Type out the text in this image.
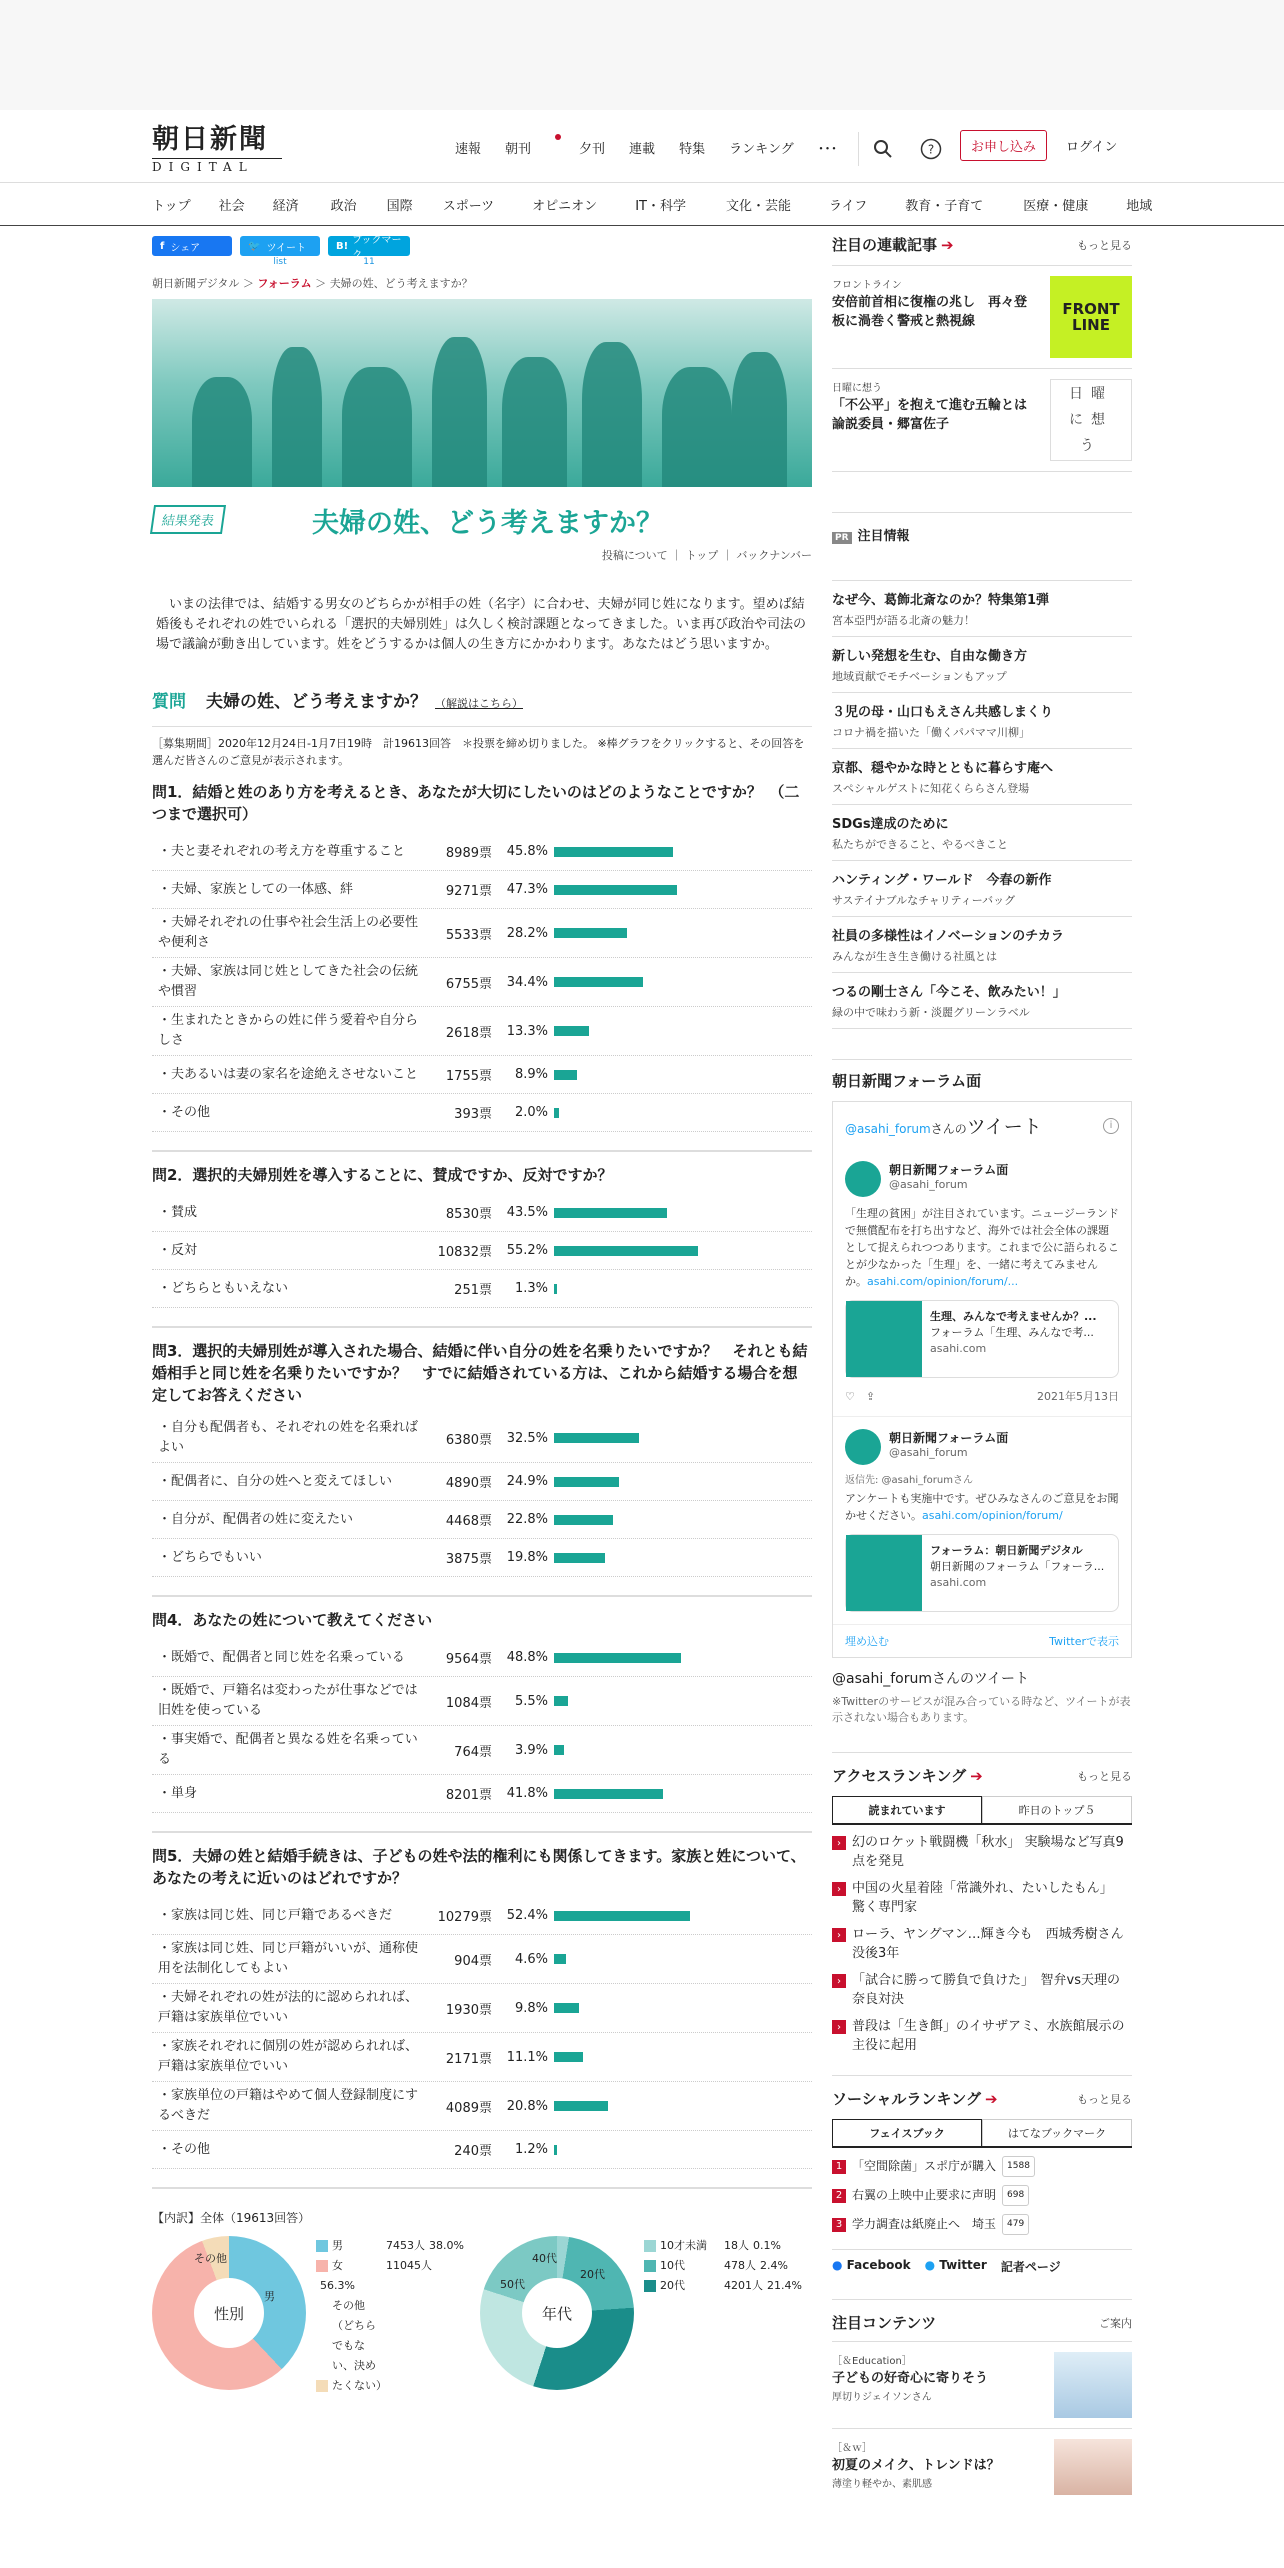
朝日新聞
DIGITAL
速報 朝刊	夕刊 連載 特集 ランキング ･･･	?	お申し込み	ログイン
トップ 社会 経済 政治 国際 スポーツ	オピニオン	IT・科学	文化・芸能	ライフ	教育・子育て	医療・健康	地域
f シェア	🐦 ツイート
list
B! ブックマーク
11
朝日新聞デジタル ＞ フォーラム ＞ 夫婦の姓、どう考えますか？
結果発表	夫婦の姓、どう考えますか？
投稿について ｜ トップ ｜ バックナンバー

　いまの法律では、結婚する男女のどちらかが相手の姓（名字）に合わせ、夫婦が同じ姓になります。望めば結婚後もそれぞれの姓でいられる「選択的夫婦別姓」は久しく検討課題となってきました。いま再び政治や司法の場で議論が動き出しています。姓をどうするかは個人の生き方にかかわります。あなたはどう思いますか。

質問 夫婦の姓、どう考えますか？ （解説はこちら）
［募集期間］2020年12月24日-1月7日19時　計19613回答　＊投票を締め切りました。 ※棒グラフをクリックすると、その回答を選んだ皆さんのご意見が表示されます。
問1．結婚と姓のあり方を考えるとき、あなたが大切にしたいのはどのようなことですか？　（二つまで選択可）
・夫と妻それぞれの考え方を尊重すること	8989票	45.8%
・夫婦、家族としての一体感、絆	9271票	47.3%
・夫婦それぞれの仕事や社会生活上の必要性や便利さ	5533票	28.2%
・夫婦、家族は同じ姓としてきた社会の伝統や慣習	6755票	34.4%
・生まれたときからの姓に伴う愛着や自分らしさ	2618票	13.3%
・夫あるいは妻の家名を途絶えさせないこと	1755票	8.9%
・その他	393票	2.0%
問2．選択的夫婦別姓を導入することに、賛成ですか、反対ですか？
・賛成	8530票	43.5%
・反対	10832票	55.2%
・どちらともいえない	251票	1.3%
問3．選択的夫婦別姓が導入された場合、結婚に伴い自分の姓を名乗りたいですか？　それとも結婚相手と同じ姓を名乗りたいですか？　すでに結婚されている方は、これから結婚する場合を想定してお答えください
・自分も配偶者も、それぞれの姓を名乗ればよい	6380票	32.5%
・配偶者に、自分の姓へと変えてほしい	4890票	24.9%
・自分が、配偶者の姓に変えたい	4468票	22.8%
・どちらでもいい	3875票	19.8%
問4．あなたの姓について教えてください
・既婚で、配偶者と同じ姓を名乗っている	9564票	48.8%
・既婚で、戸籍名は変わったが仕事などでは旧姓を使っている	1084票	5.5%
・事実婚で、配偶者と異なる姓を名乗っている	764票	3.9%
・単身	8201票	41.8%
問5．夫婦の姓と結婚手続きは、子どもの姓や法的権利にも関係してきます。家族と姓について、あなたの考えに近いのはどれですか？
・家族は同じ姓、同じ戸籍であるべきだ	10279票	52.4%
・家族は同じ姓、同じ戸籍がいいが、通称使用を法制化してもよい	904票	4.6%
・夫婦それぞれの姓が法的に認められれば、戸籍は家族単位でいい	1930票	9.8%
・家族それぞれに個別の姓が認められれば、戸籍は家族単位でいい	2171票	11.1%
・家族単位の戸籍はやめて個人登録制度にするべきだ	4089票	20.8%
・その他	240票	1.2%
【内訳】全体（19613回答）
性別
その他
男
男	7453人 38.0%
女	11045人56.3%
その他（どちらでもない、決めたくない）
年代
50代
40代
20代
10才未満 18人 0.1%
10代	478人 2.4%
20代	4201人 21.4%
注目の連載記事 ➔	もっと見る
フロントライン
安倍前首相に復権の兆し　再々登板に渦巻く警戒と熱視線
FRONT LINE
日曜に想う
「不公平」を抱えて進む五輪とは　論説委員・郷富佐子
日曜に想う
PR 注目情報
なぜ今、葛飾北斎なのか？特集第1弾
宮本亞門が語る北斎の魅力！
新しい発想を生む、自由な働き方
地域貢献でモチベーションもアップ
３児の母・山口もえさん共感しまくり
コロナ禍を描いた「働くパパママ川柳」
京都、穏やかな時とともに暮らす庵へ
スペシャルゲストに知花くららさん登場
SDGs達成のために
私たちができること、やるべきこと
ハンティング・ワールド　今春の新作
サステイナブルなチャリティーバッグ
社員の多様性はイノベーションのチカラ
みんなが生き生き働ける社風とは
つるの剛士さん「今こそ、飲みたい！」
緑の中で味わう新・淡麗グリーンラベル
朝日新聞フォーラム面
@asahi_forumさんのツイート	i
朝日新聞フォーラム面
@asahi_forum
「生理の貧困」が注目されています。ニュージーランドで無償配布を打ち出すなど、海外では社会全体の課題として捉えられつつあります。これまで公に語られることが少なかった「生理」を、一緒に考えてみませんか。asahi.com/opinion/forum/...
生理、みんなで考えませんか？...
フォーラム「生理、みんなで考...
asahi.com
♡　 ⇪	2021年5月13日
朝日新聞フォーラム面
@asahi_forum
返信先: @asahi_forumさん
アンケートも実施中です。ぜひみなさんのご意見をお聞かせください。asahi.com/opinion/forum/
フォーラム：朝日新聞デジタル
朝日新聞のフォーラム「フォーラ...
asahi.com
埋め込む	Twitterで表示
@asahi_forumさんのツイート
※Twitterのサービスが混み合っている時など、ツイートが表示されない場合もあります。
アクセスランキング ➔	もっと見る
読まれています	昨日のトップ５
› 幻のロケット戦闘機「秋水」 実験場など写真9点を発見
› 中国の火星着陸「常識外れ、たいしたもん」　驚く専門家
› ローラ、ヤングマン…輝き今も　西城秀樹さん没後3年
› 「試合に勝って勝負で負けた」　智弁vs天理の奈良対決
› 普段は「生き餌」のイサザアミ、水族館展示の主役に起用
ソーシャルランキング ➔	もっと見る
フェイスブック	はてなブックマーク
1 「空間除菌」スポ庁が購入	1588
2 右翼の上映中止要求に声明	698
3 学力調査は紙廃止へ　埼玉	479
● Facebook ● Twitter 記者ページ
注目コンテンツ	ご案内
［＆Education］
子どもの好奇心に寄りそう
厚切りジェイソンさん
［＆ｗ］
初夏のメイク、トレンドは？
薄塗り軽やか、素肌感
